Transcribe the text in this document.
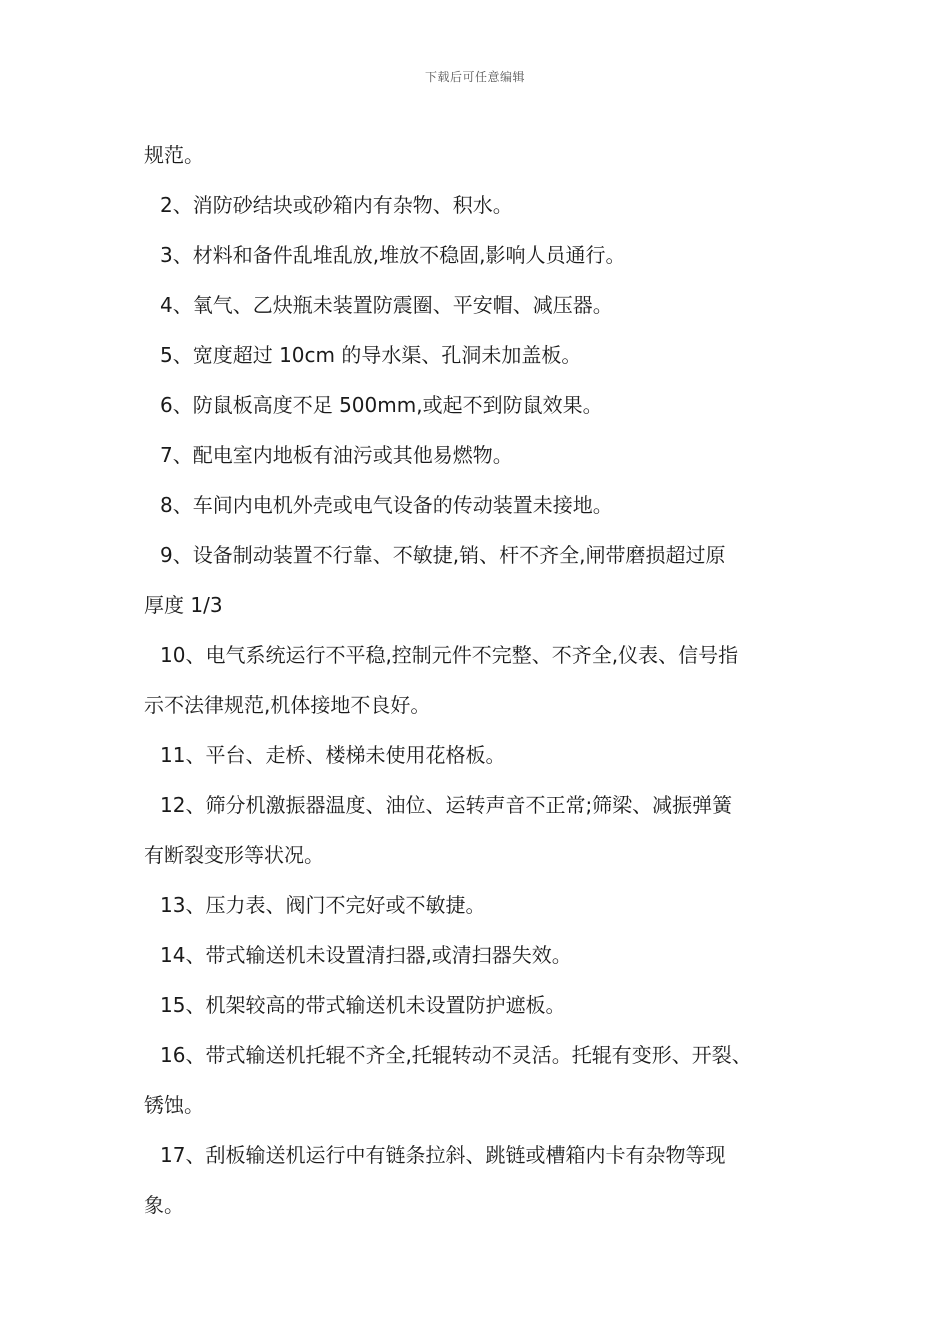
下载后可任意编辑
规范。
2、消防砂结块或砂箱内有杂物、积水。
3、材料和备件乱堆乱放,堆放不稳固,影响人员通行。
4、氧气、乙炔瓶未装置防震圈、平安帽、减压器。
5、宽度超过 10cm 的导水渠、孔洞未加盖板。
6、防鼠板高度不足 500mm,或起不到防鼠效果。
7、配电室内地板有油污或其他易燃物。
8、车间内电机外壳或电气设备的传动装置未接地。
9、设备制动装置不行靠、不敏捷,销、杆不齐全,闸带磨损超过原
厚度 1/3
10、电气系统运行不平稳,控制元件不完整、不齐全,仪表、信号指
示不法律规范,机体接地不良好。
11、平台、走桥、楼梯未使用花格板。
12、筛分机激振器温度、油位、运转声音不正常;筛梁、减振弹簧
有断裂变形等状况。
13、压力表、阀门不完好或不敏捷。
14、带式输送机未设置清扫器,或清扫器失效。
15、机架较高的带式输送机未设置防护遮板。
16、带式输送机托辊不齐全,托辊转动不灵活。托辊有变形、开裂、
锈蚀。
17、刮板输送机运行中有链条拉斜、跳链或槽箱内卡有杂物等现
象。
